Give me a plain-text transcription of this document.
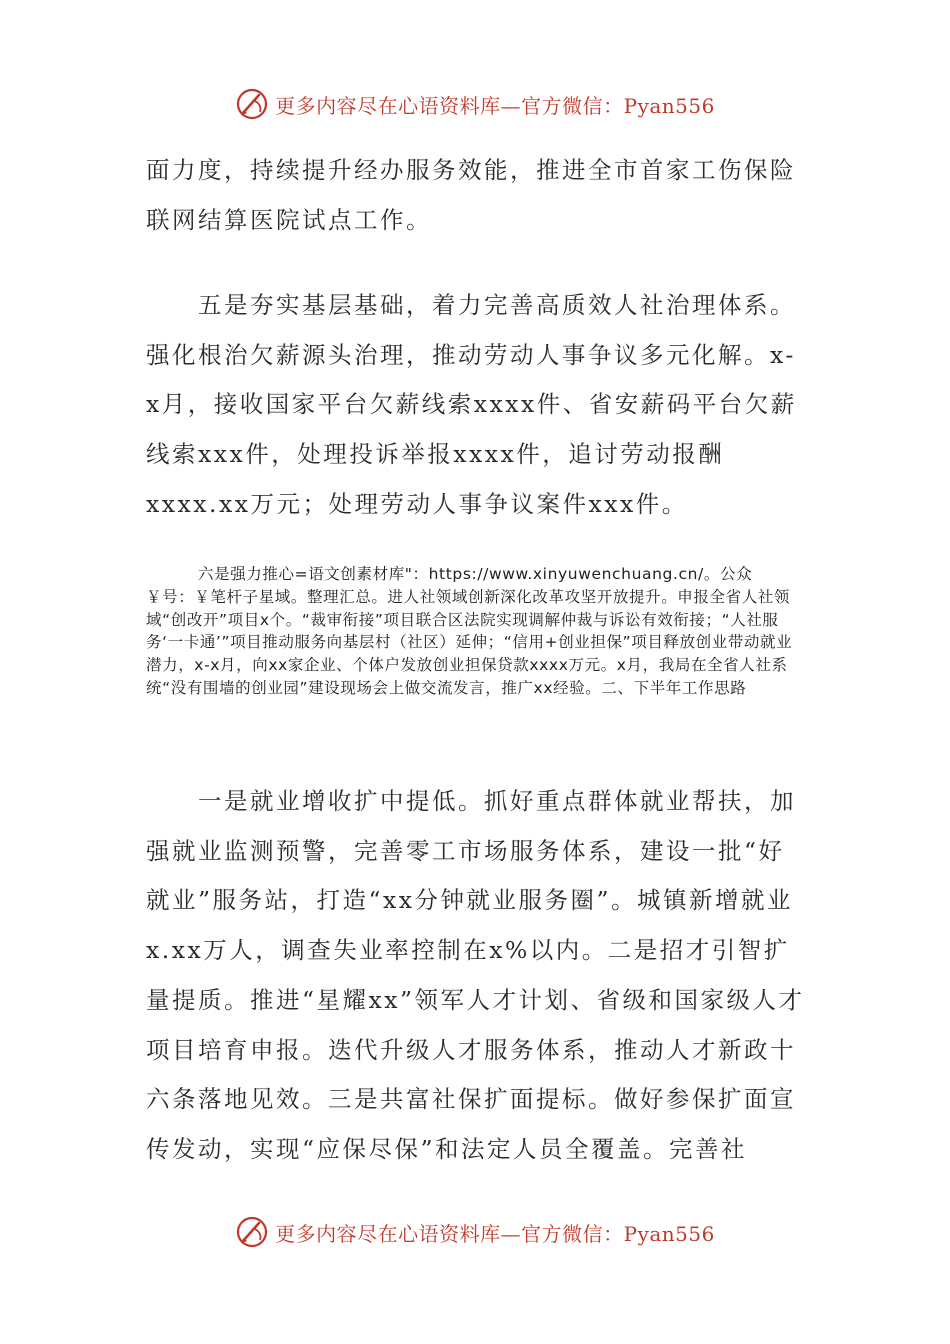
更多内容尽在心语资料库—官方微信：Pyan556

面力度，持续提升经办服务效能，推进全市首家工伤保险联网结算医院试点工作。

五是夯实基层基础，着力完善高质效人社治理体系。强化根治欠薪源头治理，推动劳动人事争议多元化解。x-x月，接收国家平台欠薪线索xxxx件、省安薪码平台欠薪线索xxx件，处理投诉举报xxxx件，追讨劳动报酬xxxx.xx万元；处理劳动人事争议案件xxx件。

六是强力推心=语文创素材库"：https://www.xinyuwenchuang.cn/。公众￥号：￥笔杆子星域。整理汇总。进人社领域创新深化改革攻坚开放提升。申报全省人社领域“创改开”项目x个。“裁审衔接”项目联合区法院实现调解仲裁与诉讼有效衔接；“人社服务‘一卡通’”项目推动服务向基层村（社区）延伸；“信用+创业担保”项目释放创业带动就业潜力，x-x月，向xx家企业、个体户发放创业担保贷款xxxx万元。x月，我局在全省人社系统“没有围墙的创业园”建设现场会上做交流发言，推广xx经验。二、下半年工作思路

一是就业增收扩中提低。抓好重点群体就业帮扶，加强就业监测预警，完善零工市场服务体系，建设一批“好就业”服务站，打造“xx分钟就业服务圈”。城镇新增就业x.xx万人，调查失业率控制在x%以内。二是招才引智扩量提质。推进“星耀xx”领军人才计划、省级和国家级人才项目培育申报。迭代升级人才服务体系，推动人才新政十六条落地见效。三是共富社保扩面提标。做好参保扩面宣传发动，实现“应保尽保”和法定人员全覆盖。完善社

更多内容尽在心语资料库—官方微信：Pyan556
